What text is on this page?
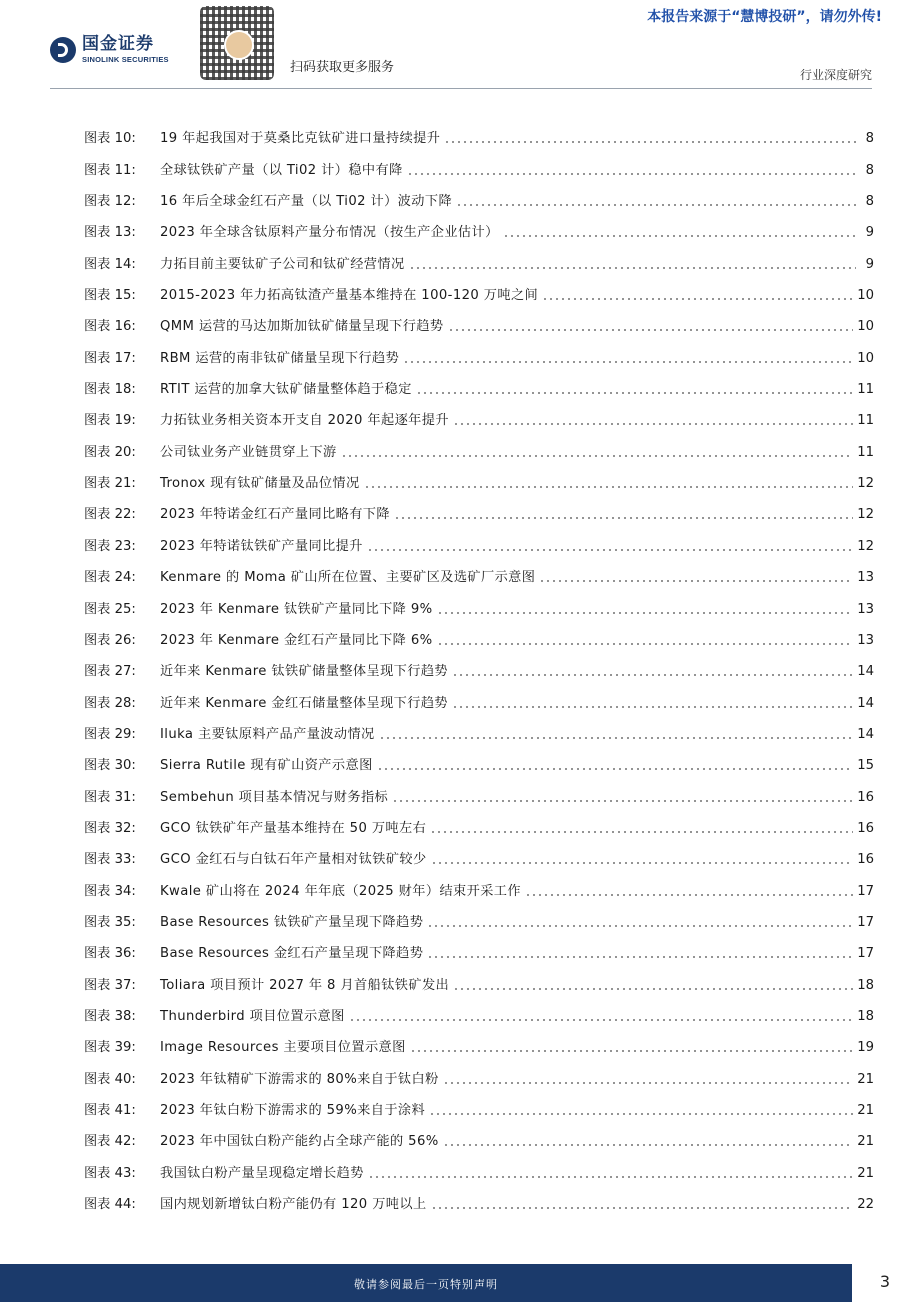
国金证券
SINOLINK SECURITIES
扫码获取更多服务
本报告来源于“慧博投研”，请勿外传!
行业深度研究
图表 10:	19 年起我国对于莫桑比克钛矿进口量持续提升	8
图表 11:	全球钛铁矿产量（以 Ti02 计）稳中有降	8
图表 12:	16 年后全球金红石产量（以 Ti02 计）波动下降	8
图表 13:	2023 年全球含钛原料产量分布情况（按生产企业估计）	9
图表 14:	力拓目前主要钛矿子公司和钛矿经营情况	9
图表 15:	2015-2023 年力拓高钛渣产量基本维持在 100-120 万吨之间	10
图表 16:	QMM 运营的马达加斯加钛矿储量呈现下行趋势	10
图表 17:	RBM 运营的南非钛矿储量呈现下行趋势	10
图表 18:	RTIT 运营的加拿大钛矿储量整体趋于稳定	11
图表 19:	力拓钛业务相关资本开支自 2020 年起逐年提升	11
图表 20:	公司钛业务产业链贯穿上下游	11
图表 21:	Tronox 现有钛矿储量及品位情况	12
图表 22:	2023 年特诺金红石产量同比略有下降	12
图表 23:	2023 年特诺钛铁矿产量同比提升	12
图表 24:	Kenmare 的 Moma 矿山所在位置、主要矿区及选矿厂示意图	13
图表 25:	2023 年 Kenmare 钛铁矿产量同比下降 9%	13
图表 26:	2023 年 Kenmare 金红石产量同比下降 6%	13
图表 27:	近年来 Kenmare 钛铁矿储量整体呈现下行趋势	14
图表 28:	近年来 Kenmare 金红石储量整体呈现下行趋势	14
图表 29:	Iluka 主要钛原料产品产量波动情况	14
图表 30:	Sierra Rutile 现有矿山资产示意图	15
图表 31:	Sembehun 项目基本情况与财务指标	16
图表 32:	GCO 钛铁矿年产量基本维持在 50 万吨左右	16
图表 33:	GCO 金红石与白钛石年产量相对钛铁矿较少	16
图表 34:	Kwale 矿山将在 2024 年年底（2025 财年）结束开采工作	17
图表 35:	Base Resources 钛铁矿产量呈现下降趋势	17
图表 36:	Base Resources 金红石产量呈现下降趋势	17
图表 37:	Toliara 项目预计 2027 年 8 月首船钛铁矿发出	18
图表 38:	Thunderbird 项目位置示意图	18
图表 39:	Image Resources 主要项目位置示意图	19
图表 40:	2023 年钛精矿下游需求的 80%来自于钛白粉	21
图表 41:	2023 年钛白粉下游需求的 59%来自于涂料	21
图表 42:	2023 年中国钛白粉产能约占全球产能的 56%	21
图表 43:	我国钛白粉产量呈现稳定增长趋势	21
图表 44:	国内规划新增钛白粉产能仍有 120 万吨以上	22
敬请参阅最后一页特别声明	3
